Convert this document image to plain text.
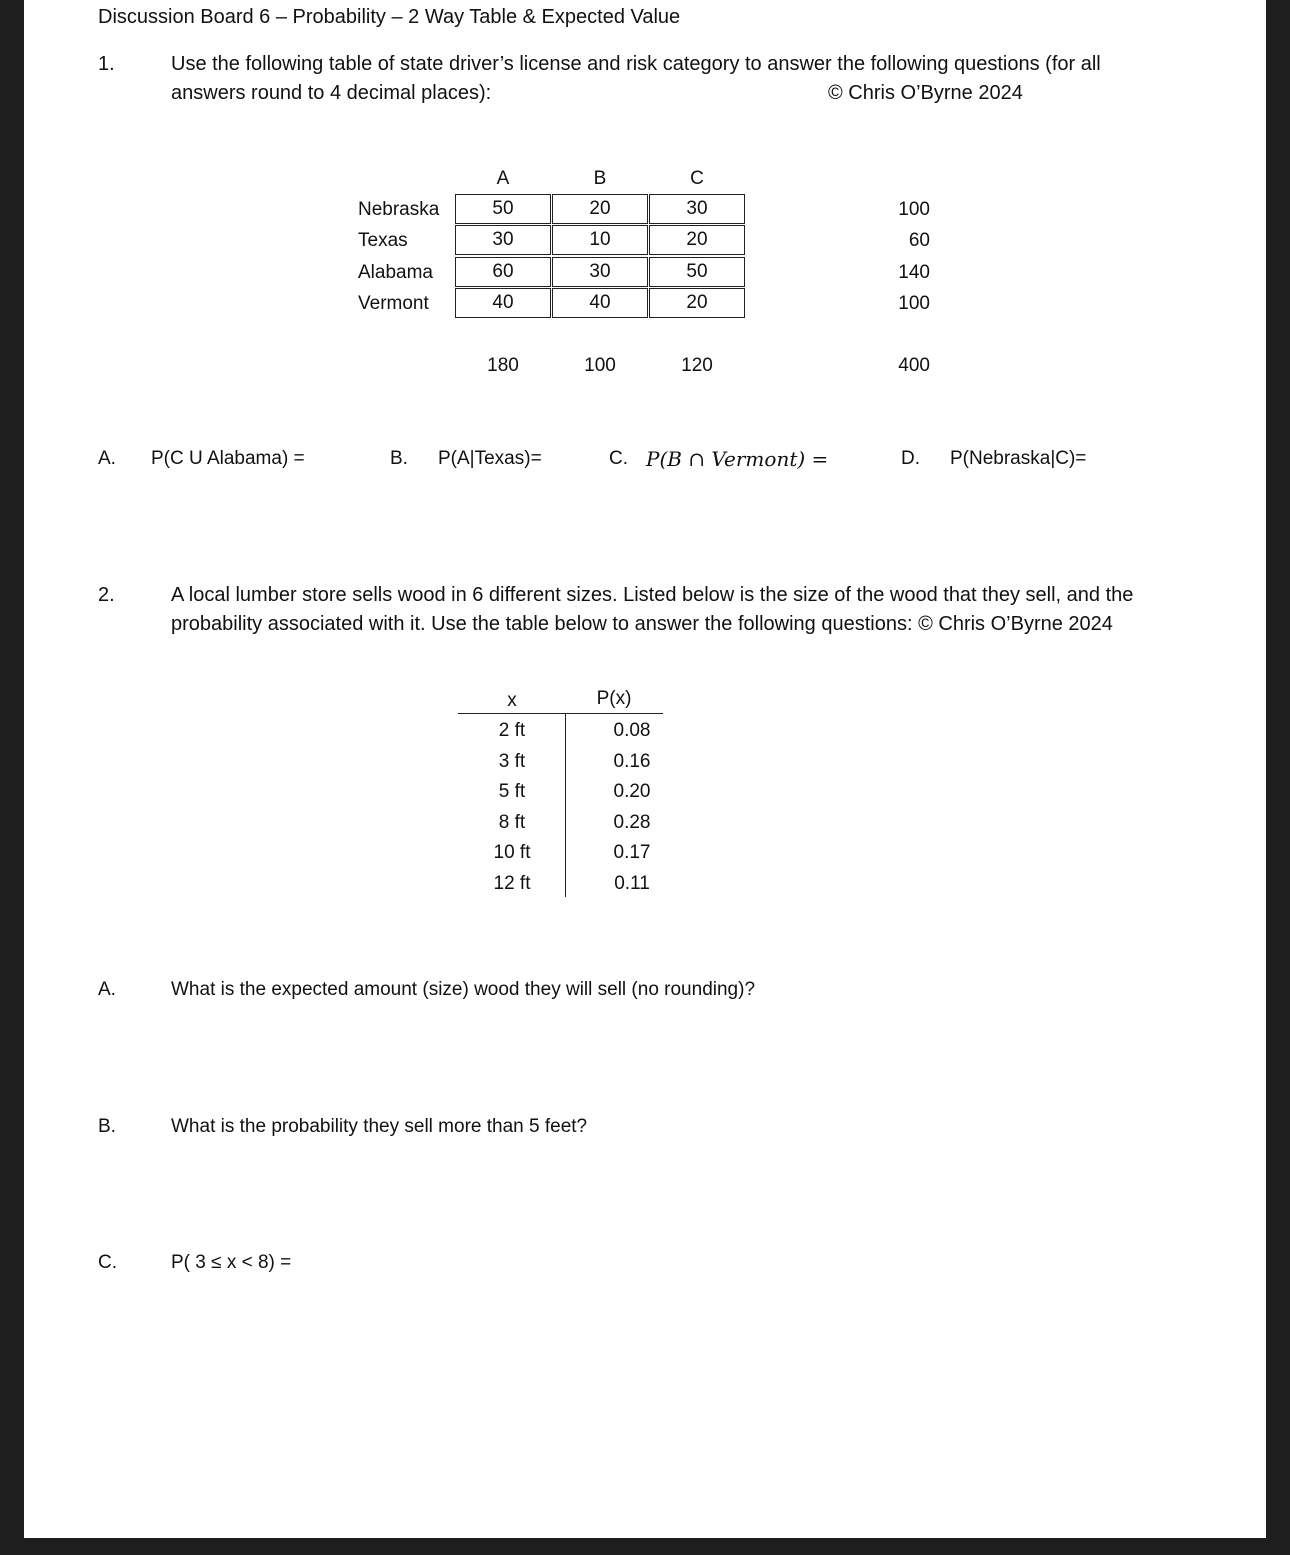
Discussion Board 6 – Probability – 2 Way Table & Expected Value
1.	Use the following table of state driver’s license and risk category to answer the following questions (for all
answers round to 4 decimal places):	© Chris O’Byrne 2024
A	B	C
Nebraska	50	20	30	100
Texas	30	10	20	60
Alabama	60	30	50	140
Vermont	40	40	20	100
180	100	120	400
A. P(C U Alabama) =	B. P(A|Texas)=	C. P(B ∩ Vermont) =	D. P(Nebraska|C)=
2.	A local lumber store sells wood in 6 different sizes. Listed below is the size of the wood that they sell, and the
probability associated with it. Use the table below to answer the following questions: © Chris O’Byrne 2024
x	P(x)
2 ft	0.08
3 ft	0.16
5 ft	0.20
8 ft	0.28
10 ft	0.17
12 ft	0.11
A.	What is the expected amount (size) wood they will sell (no rounding)?
B.	What is the probability they sell more than 5 feet?
C.	P( 3 ≤ x < 8) =
